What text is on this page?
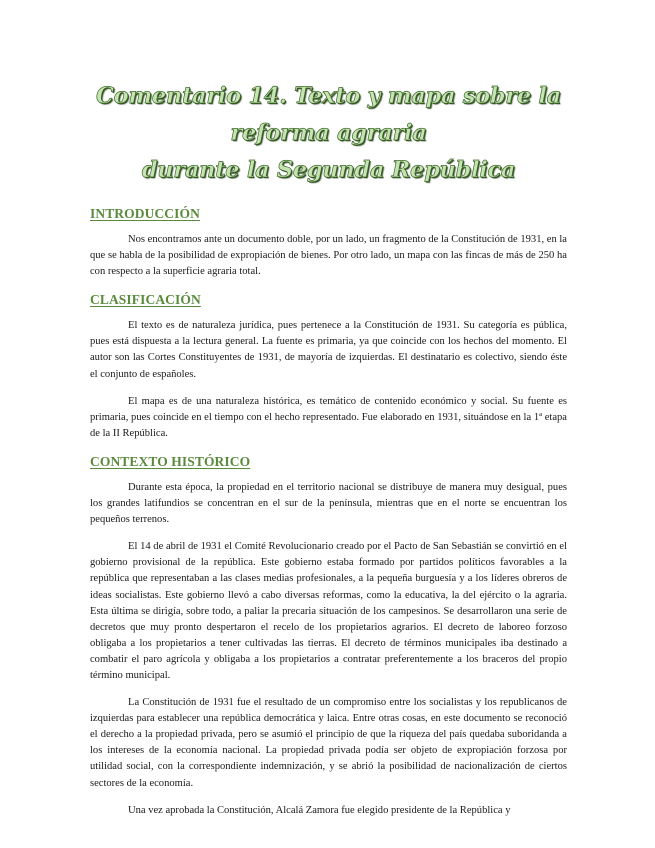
Comentario 14. Texto y mapa sobre la reforma agraria
durante la Segunda República
INTRODUCCIÓN

Nos encontramos ante un documento doble, por un lado, un fragmento de la Constitución de 1931, en la que se habla de la posibilidad de expropiación de bienes. Por otro lado, un mapa con las fincas de más de 250 ha con respecto a la superficie agraria total.

CLASIFICACIÓN

El texto es de naturaleza jurídica, pues pertenece a la Constitución de 1931. Su categoría es pública, pues está dispuesta a la lectura general. La fuente es primaria, ya que coincide con los hechos del momento. El autor son las Cortes Constituyentes de 1931, de mayoría de izquierdas. El destinatario es colectivo, siendo éste el conjunto de españoles.

El mapa es de una naturaleza histórica, es temático de contenido económico y social. Su fuente es primaria, pues coincide en el tiempo con el hecho representado. Fue elaborado en 1931, situándose en la 1ª etapa de la II República.

CONTEXTO HISTÓRICO

Durante esta época, la propiedad en el territorio nacional se distribuye de manera muy desigual, pues los grandes latifundios se concentran en el sur de la península, mientras que en el norte se encuentran los pequeños terrenos.

El 14 de abril de 1931 el Comité Revolucionario creado por el Pacto de San Sebastián se convirtió en el gobierno provisional de la república. Este gobierno estaba formado por partidos políticos favorables a la república que representaban a las clases medias profesionales, a la pequeña burguesía y a los líderes obreros de ideas socialistas. Este gobierno llevó a cabo diversas reformas, como la educativa, la del ejército o la agraria. Esta última se dirigía, sobre todo, a paliar la precaria situación de los campesinos. Se desarrollaron una serie de decretos que muy pronto despertaron el recelo de los propietarios agrarios. El decreto de laboreo forzoso obligaba a los propietarios a tener cultivadas las tierras. El decreto de términos municipales iba destinado a combatir el paro agrícola y obligaba a los propietarios a contratar preferentemente a los braceros del propio término municipal.

La Constitución de 1931 fue el resultado de un compromiso entre los socialistas y los republicanos de izquierdas para establecer una república democrática y laica. Entre otras cosas, en este documento se reconoció el derecho a la propiedad privada, pero se asumió el principio de que la riqueza del país quedaba suboridanda a los intereses de la economía nacional. La propiedad privada podía ser objeto de expropiación forzosa por utilidad social, con la correspondiente indemnización, y se abrió la posibilidad de nacionalización de ciertos sectores de la economía.

Una vez aprobada la Constitución, Alcalá Zamora fue elegido presidente de la República y
